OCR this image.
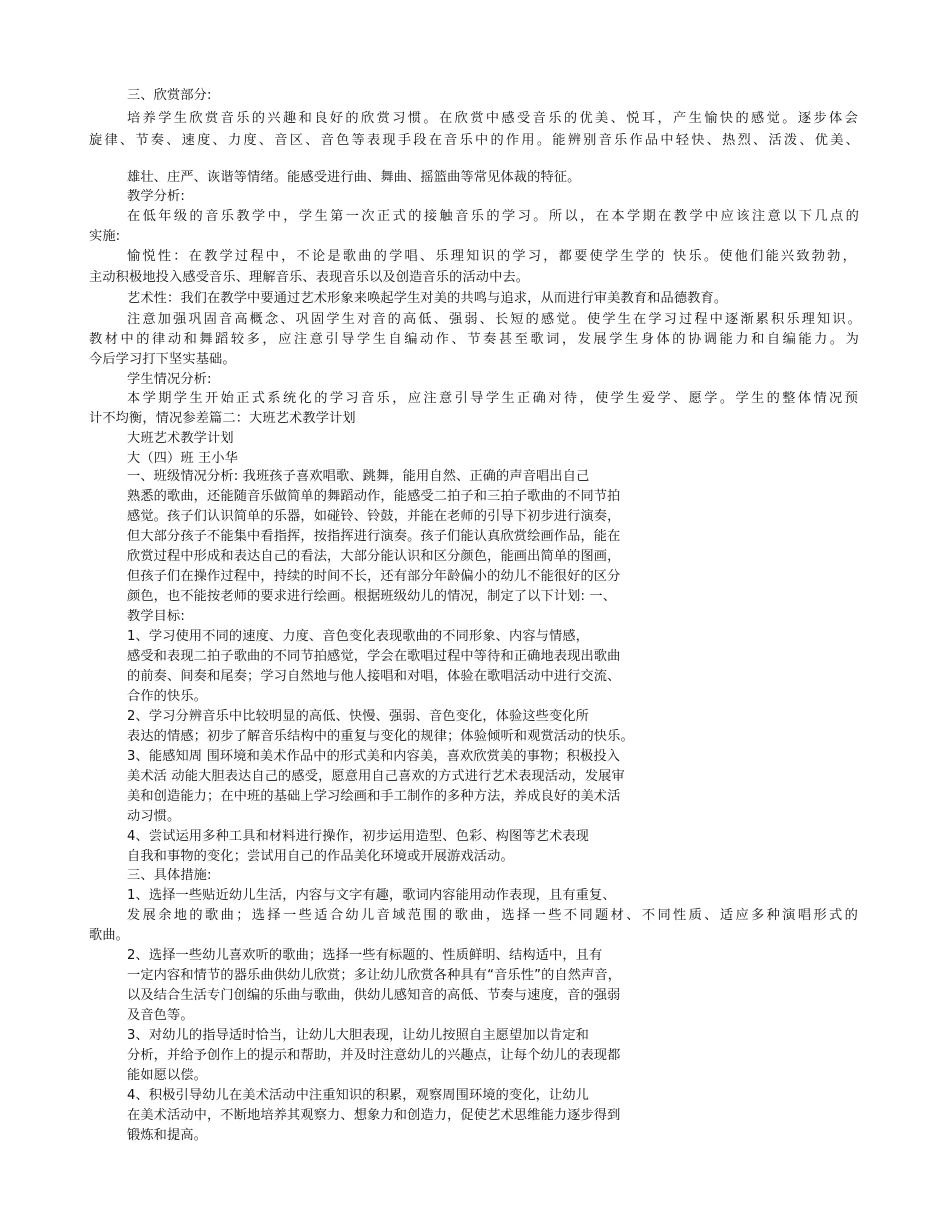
三、欣赏部分:
培养学生欣赏音乐的兴趣和良好的欣赏习惯。在欣赏中感受音乐的优美、悦耳，产生愉快的感觉。逐步体会
旋律、节奏、速度、力度、音区、音色等表现手段在音乐中的作用。能辨别音乐作品中轻快、热烈、活泼、优美、
雄壮、庄严、诙谐等情绪。能感受进行曲、舞曲、摇篮曲等常见体裁的特征。
教学分析:
在低年级的音乐教学中，学生第一次正式的接触音乐的学习。所以，在本学期在教学中应该注意以下几点的
实施:
愉悦性：在教学过程中，不论是歌曲的学唱、乐理知识的学习，都要使学生学的 快乐。使他们能兴致勃勃，
主动积极地投入感受音乐、理解音乐、表现音乐以及创造音乐的活动中去。
艺术性：我们在教学中要通过艺术形象来唤起学生对美的共鸣与追求，从而进行审美教育和品德教育。
注意加强巩固音高概念、巩固学生对音的高低、强弱、长短的感觉。使学生在学习过程中逐渐累积乐理知识。
教材中的律动和舞蹈较多，应注意引导学生自编动作、节奏甚至歌词，发展学生身体的协调能力和自编能力。为
今后学习打下坚实基础。
学生情况分析:
本学期学生开始正式系统化的学习音乐，应注意引导学生正确对待，使学生爱学、愿学。学生的整体情况预
计不均衡，情况参差篇二：大班艺术教学计划
大班艺术教学计划
大（四）班 王小华
一、班级情况分析: 我班孩子喜欢唱歌、跳舞，能用自然、正确的声音唱出自己
熟悉的歌曲，还能随音乐做简单的舞蹈动作，能感受二拍子和三拍子歌曲的不同节拍
感觉。孩子们认识简单的乐器，如碰铃、铃鼓，并能在老师的引导下初步进行演奏，
但大部分孩子不能集中看指挥，按指挥进行演奏。孩子们能认真欣赏绘画作品，能在
欣赏过程中形成和表达自己的看法，大部分能认识和区分颜色，能画出简单的图画，
但孩子们在操作过程中，持续的时间不长，还有部分年龄偏小的幼儿不能很好的区分
颜色，也不能按老师的要求进行绘画。根据班级幼儿的情况，制定了以下计划: 一、
教学目标:
1、学习使用不同的速度、力度、音色变化表现歌曲的不同形象、内容与情感，
感受和表现二拍子歌曲的不同节拍感觉，学会在歌唱过程中等待和正确地表现出歌曲
的前奏、间奏和尾奏；学习自然地与他人接唱和对唱，体验在歌唱活动中进行交流、
合作的快乐。
2、学习分辨音乐中比较明显的高低、快慢、强弱、音色变化，体验这些变化所
表达的情感；初步了解音乐结构中的重复与变化的规律；体验倾听和观赏活动的快乐。
3、能感知周 围环境和美术作品中的形式美和内容美，喜欢欣赏美的事物；积极投入
美术活 动能大胆表达自己的感受，愿意用自己喜欢的方式进行艺术表现活动，发展审
美和创造能力；在中班的基础上学习绘画和手工制作的多种方法，养成良好的美术活
动习惯。
4、尝试运用多种工具和材料进行操作，初步运用造型、色彩、构图等艺术表现
自我和事物的变化；尝试用自己的作品美化环境或开展游戏活动。
三、具体措施:
1、选择一些贴近幼儿生活，内容与文字有趣，歌词内容能用动作表现，且有重复、
发展余地的歌曲；选择一些适合幼儿音域范围的歌曲，选择一些不同题材、不同性质、适应多种演唱形式的
歌曲。
2、选择一些幼儿喜欢听的歌曲；选择一些有标题的、性质鲜明、结构适中，且有
一定内容和情节的器乐曲供幼儿欣赏；多让幼儿欣赏各种具有“音乐性”的自然声音，
以及结合生活专门创编的乐曲与歌曲，供幼儿感知音的高低、节奏与速度，音的强弱
及音色等。
3、对幼儿的指导适时恰当，让幼儿大胆表现，让幼儿按照自主愿望加以肯定和
分析，并给予创作上的提示和帮助，并及时注意幼儿的兴趣点，让每个幼儿的表现都
能如愿以偿。
4、积极引导幼儿在美术活动中注重知识的积累，观察周围环境的变化，让幼儿
在美术活动中，不断地培养其观察力、想象力和创造力，促使艺术思维能力逐步得到
锻炼和提高。
